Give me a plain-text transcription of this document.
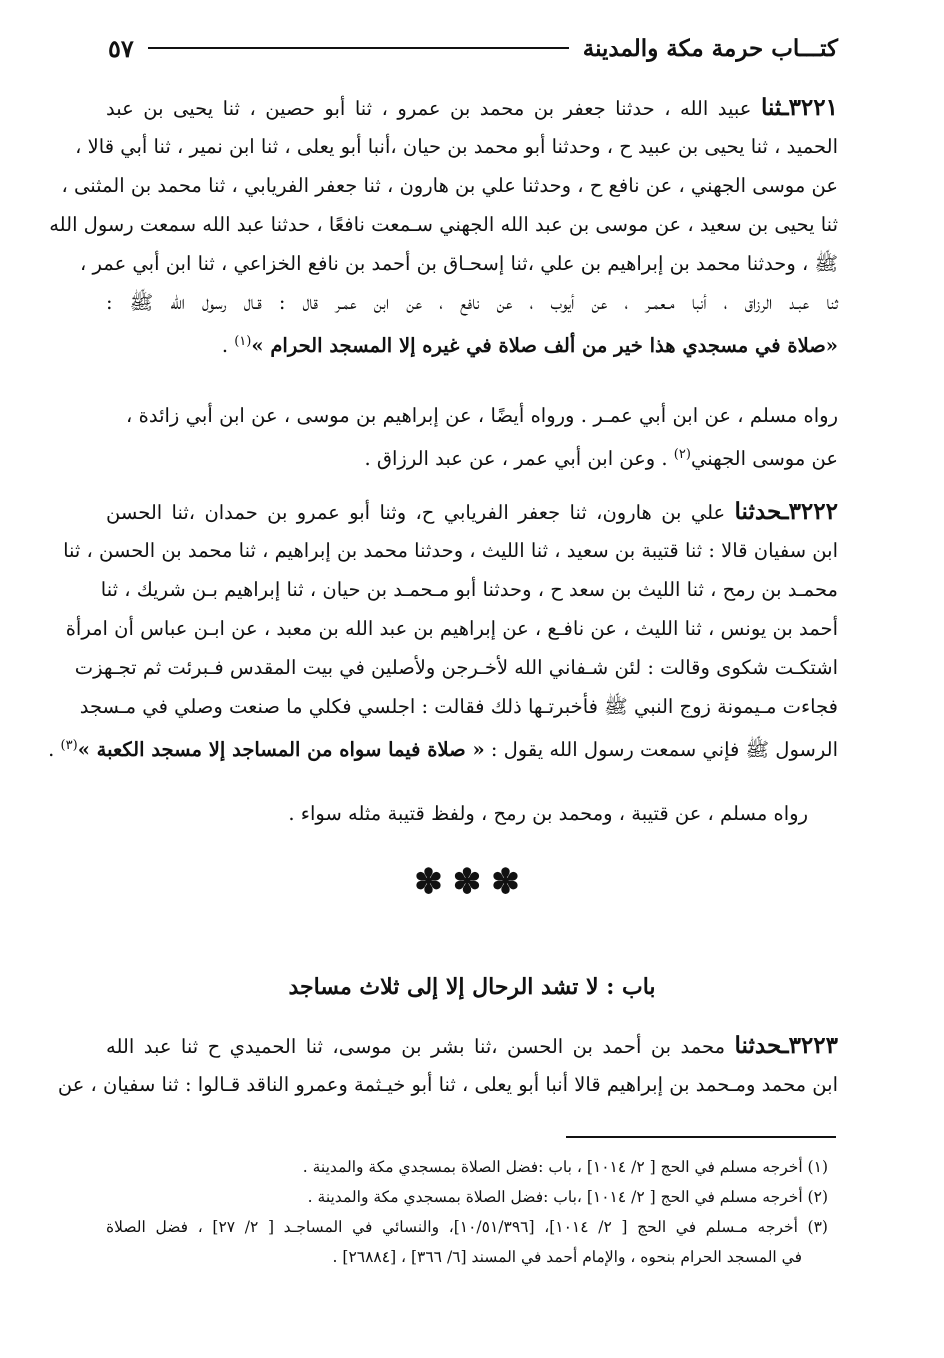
كتـــاب حرمة مكة والمدينة
٥٧
٣٢٢١ـثنا عبيد الله ، حدثنا جعفر بن محمد بن عمرو ، ثنا أبو حصين ، ثنا يحيى بن عبد
الحميد ، ثنا يحيى بن عبيد ح ، وحدثنا أبو محمد بن حيان ،أنبا أبو يعلى ، ثنا ابن نمير ، ثنا أبي قالا ،
عن موسى الجهني ، عن نافع ح ، وحدثنا علي بن هارون ، ثنا جعفر الفريابي ، ثنا محمد بن المثنى ،
ثنا يحيى بن سعيد ، عن موسى بن عبد الله الجهني سـمعت نافعًا ، حدثنا عبد الله سمعت رسول الله
ﷺ ، وحدثنا محمد بن إبراهيم بن علي ،ثنا إسحـاق بن أحمد بن نافع الخزاعي ، ثنا ابن أبي عمر ،
ثنا عبـد الرزاق ، أنبا مـعمـر ، عن أيوب ، عن نافع ، عن ابن عمـر قال : قـال رسول الله ﷺ :
«صلاة في مسجدي هذا خير من ألف صلاة في غيره إلا المسجد الحرام »$^{(١)}$ .
رواه مسلم ، عن ابن أبي عمـر . ورواه أيضًا ، عن إبراهيم بن موسى ، عن ابن أبي زائدة ،
عن موسى الجهني$^{(٢)}$ . وعن ابن أبي عمر ، عن عبد الرزاق .
٣٢٢٢ـحدثنا علي بن هارون، ثنا جعفر الفريابي ح، وثنا أبو عمرو بن حمدان ،ثنا الحسن
ابن سفيان قالا : ثنا قتيبة بن سعيد ، ثنا الليث ، وحدثنا محمد بن إبراهيم ، ثنا محمد بن الحسن ، ثنا
محمـد بن رمح ، ثنا الليث بن سعد ح ، وحدثنا أبو مـحمـد بن حيان ، ثنا إبراهيم بـن شريك ، ثنا
أحمد بن يونس ، ثنا الليث ، عن نافـع ، عن إبراهيم بن عبد الله بن معبد ، عن ابـن عباس أن امرأة
اشتكـت شكوى وقالت : لئن شـفاني الله لأخـرجن ولأصلين في بيت المقدس فـبرئت ثم تجـهزت
فجاءت مـيمونة زوج النبي ﷺ فأخبرتـها ذلك فقالت : اجلسي فكلي ما صنعت وصلي في مـسجد
الرسول ﷺ فإني سمعت رسول الله يقول : « صلاة فيما سواه من المساجد إلا مسجد الكعبة »$^{(٣)}$ .
رواه مسلم ، عن قتيبة ، ومحمد بن رمح ، ولفظ قتيبة مثله سواء .
✽✽✽
باب : لا تشد الرحال إلا إلى ثلاث مساجد
٣٢٢٣ـحدثنا محمد بن أحمد بن الحسن ،ثنا بشر بن موسى، ثنا الحميدي ح ثنا عبد الله
ابن محمد ومـحمد بن إبراهيم قالا أنبا أبو يعلى ، ثنا أبو خيـثمة وعمرو الناقد قـالوا : ثنا سفيان ، عن
(١) أخرجه مسلم في الحج [ ٢/ ١٠١٤] ، باب :فضل الصلاة بمسجدي مكة والمدينة .
(٢) أخرجه مسلم في الحج [ ٢/ ١٠١٤] ،باب :فضل الصلاة بمسجدي مكة والمدينة .
(٣) أخرجه مـسلم في الحج [ ٢/ ١٠١٤]، [١٠/٥١/٣٩٦]، والنسائي في المساجـد [ ٢/ ٢٧] ، فضل الصلاة
في المسجد الحرام بنحوه ، والإمام أحمد في المسند [٦/ ٣٦٦] ، [٢٦٨٨٤] .
